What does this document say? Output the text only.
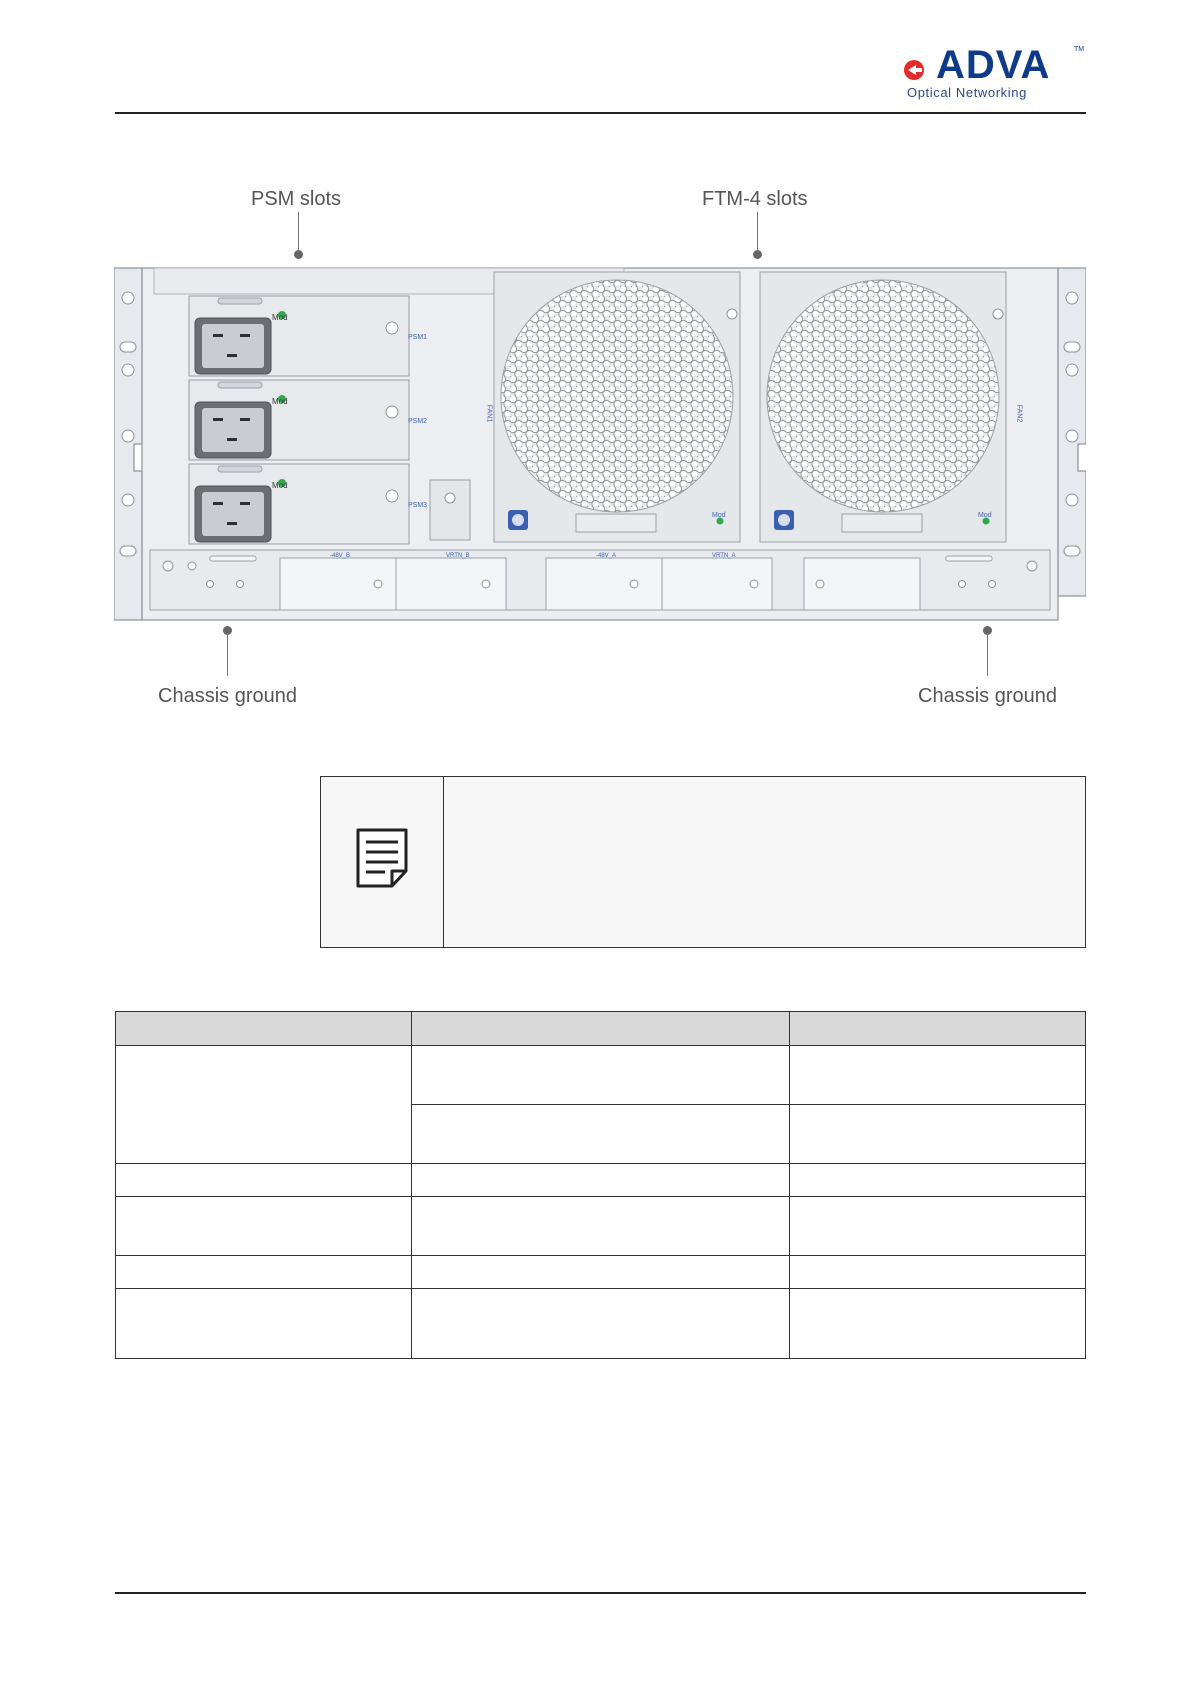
ADVA	TM
Optical Networking
PSM slots	FTM-4 slots
Chassis ground	Chassis ground
Mod
Mod
Mod
PSM1
PSM2
PSM3
FAN1	FAN2
Mod	Mod
-48V_B	VRTN_B	-48V_A	VRTN_A
